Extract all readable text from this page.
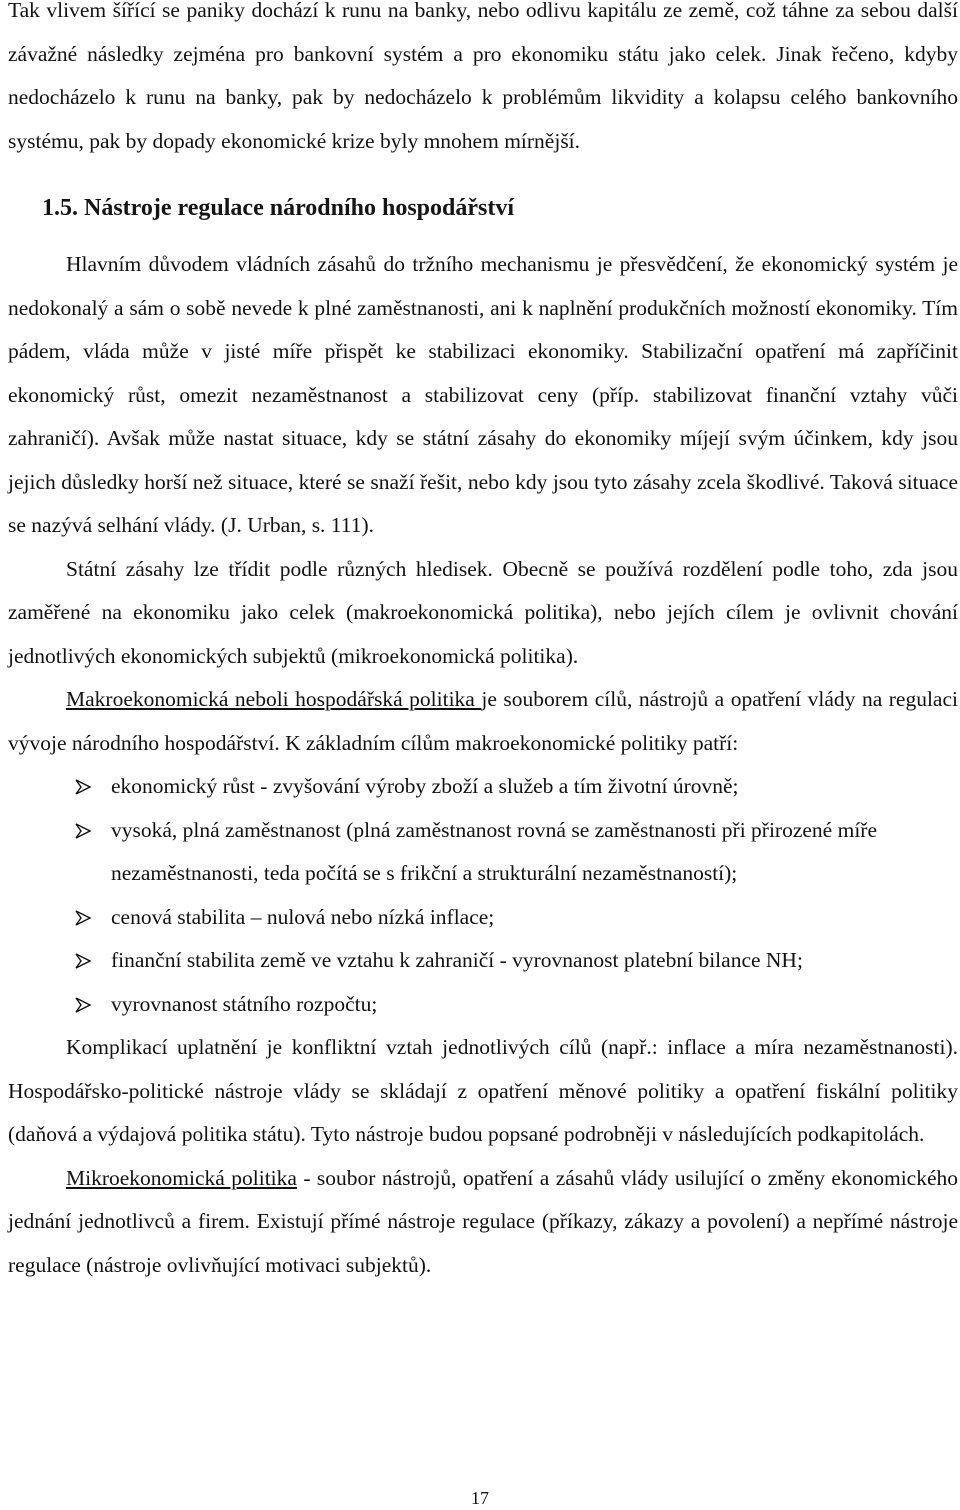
Tak vlivem šířící se paniky dochází k runu na banky, nebo odlivu kapitálu ze země, což táhne za sebou další závažné následky zejména pro bankovní systém a pro ekonomiku státu jako celek. Jinak řečeno, kdyby nedocházelo k runu na banky, pak by nedocházelo k problémům likvidity a kolapsu celého bankovního systému, pak by dopady ekonomické krize byly mnohem mírnější.

1.5. Nástroje regulace národního hospodářství

Hlavním důvodem vládních zásahů do tržního mechanismu je přesvědčení, že ekonomický systém je nedokonalý a sám o sobě nevede k plné zaměstnanosti, ani k naplnění produkčních možností ekonomiky. Tím pádem, vláda může v jisté míře přispět ke stabilizaci ekonomiky. Stabilizační opatření má zapříčinit ekonomický růst, omezit nezaměstnanost a stabilizovat ceny (příp. stabilizovat finanční vztahy vůči zahraničí). Avšak může nastat situace, kdy se státní zásahy do ekonomiky míjejí svým účinkem, kdy jsou jejich důsledky horší než situace, které se snaží řešit, nebo kdy jsou tyto zásahy zcela škodlivé. Taková situace se nazývá selhání vlády. (J. Urban, s. 111).

Státní zásahy lze třídit podle různých hledisek. Obecně se používá rozdělení podle toho, zda jsou zaměřené na ekonomiku jako celek (makroekonomická politika), nebo jejích cílem je ovlivnit chování jednotlivých ekonomických subjektů (mikroekonomická politika).

Makroekonomická neboli hospodářská politika je souborem cílů, nástrojů a opatření vlády na regulaci vývoje národního hospodářství. K základním cílům makroekonomické politiky patří:

ekonomický růst - zvyšování výroby zboží a služeb a tím životní úrovně;
vysoká, plná zaměstnanost (plná zaměstnanost rovná se zaměstnanosti při přirozené míře nezaměstnanosti, teda počítá se s frikční a strukturální nezaměstnaností);
cenová stabilita – nulová nebo nízká inflace;
finanční stabilita země ve vztahu k zahraničí - vyrovnanost platební bilance NH;
vyrovnanost státního rozpočtu;

Komplikací uplatnění je konfliktní vztah jednotlivých cílů (např.: inflace a míra nezaměstnanosti). Hospodářsko-politické nástroje vlády se skládají z opatření měnové politiky a opatření fiskální politiky (daňová a výdajová politika státu). Tyto nástroje budou popsané podrobněji v následujících podkapitolách.

Mikroekonomická politika - soubor nástrojů, opatření a zásahů vlády usilující o změny ekonomického jednání jednotlivců a firem. Existují přímé nástroje regulace (příkazy, zákazy a povolení) a nepřímé nástroje regulace (nástroje ovlivňující motivaci subjektů).

17
